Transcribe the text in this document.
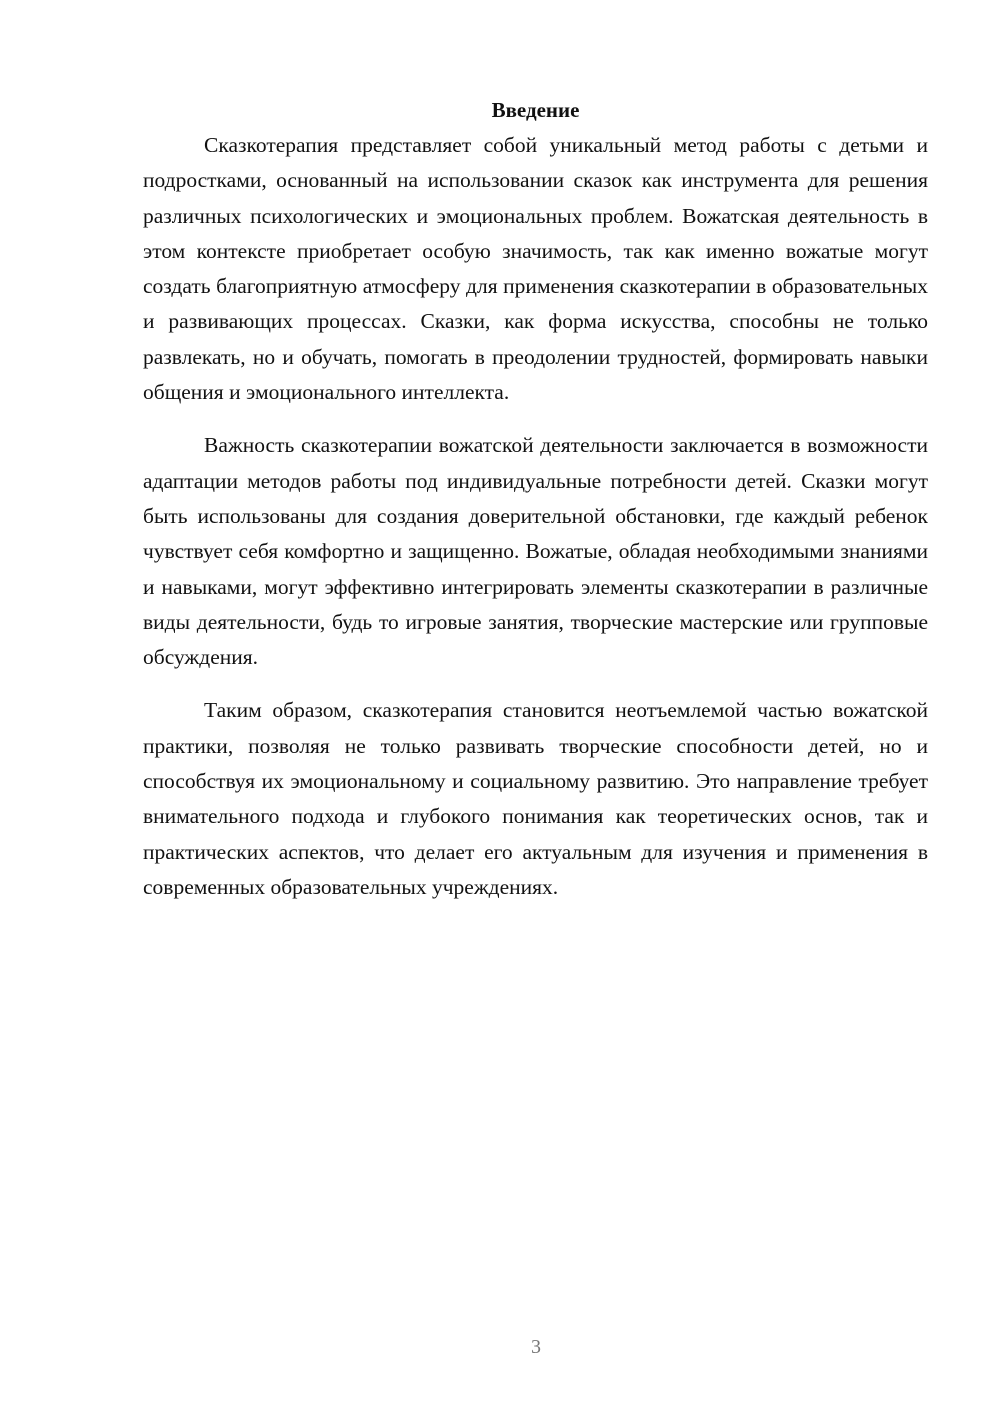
Введение

Сказкотерапия представляет собой уникальный метод работы с детьми и подростками, основанный на использовании сказок как инструмента для решения различных психологических и эмоциональных проблем. Вожатская деятельность в этом контексте приобретает особую значимость, так как именно вожатые могут создать благоприятную атмосферу для применения сказкотерапии в образовательных и развивающих процессах. Сказки, как форма искусства, способны не только развлекать, но и обучать, помогать в преодолении трудностей, формировать навыки общения и эмоционального интеллекта.

Важность сказкотерапии вожатской деятельности заключается в возможности адаптации методов работы под индивидуальные потребности детей. Сказки могут быть использованы для создания доверительной обстановки, где каждый ребенок чувствует себя комфортно и защищенно. Вожатые, обладая необходимыми знаниями и навыками, могут эффективно интегрировать элементы сказкотерапии в различные виды деятельности, будь то игровые занятия, творческие мастерские или групповые обсуждения.

Таким образом, сказкотерапия становится неотъемлемой частью вожатской практики, позволяя не только развивать творческие способности детей, но и способствуя их эмоциональному и социальному развитию. Это направление требует внимательного подхода и глубокого понимания как теоретических основ, так и практических аспектов, что делает его актуальным для изучения и применения в современных образовательных учреждениях.

3
